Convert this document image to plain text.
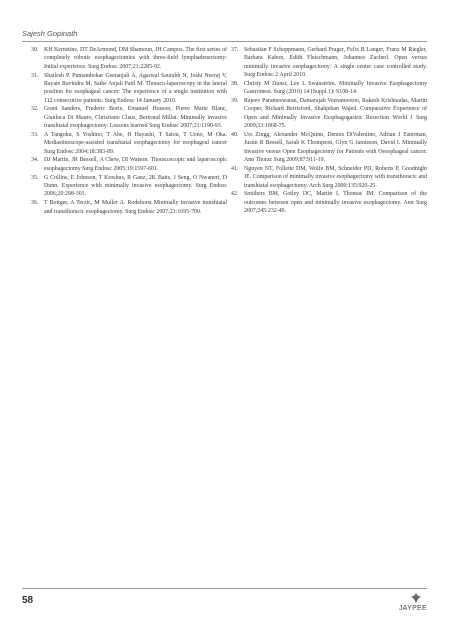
Sajesh Gopinath
30. KH Kernstine, DT DeArmond, DM Shamoun, JH Campos. The first series of completely robotic esophagectomies with three-field lymphadenectomy: Initial experience. Surg Endosc 2007;21:2285-92.
31. Shailesh P. Puntambekar Geetanjali A, Agarwal Saurabh N, Joshi Neeraj V, Rayate Ravindra M, Sathe Anjali Patil M. Thoraco-laparoscopy in the lateral position for esophageal cancer: The experience of a single institution with 112 consecutive patients. Surg Endosc 14 January 2010.
32. Grant Sanders, Frederic Borie, Emanuel Husson, Pierre Marie Blanc, Gianluca Di Mauro, Christiano Claus, Bertrand Millat. Minimally invasive transhiatal esophagectomy: Lessons learned Surg Endosc 2007;21:1190-93.
33. A Tangoku, S Yoshino, T Abe, H Hayashi, T Satou, T Ueno, M Oka. Mediastinoscope-assisted transhiatal esophagectomy for esophageal cancer Surg Endosc 2004;18:383-89.
34. DJ Martin, JR Bessell, A Chew, DI Watson. Thoracoscopic and laparoscopic esophagectomy Surg Endosc 2005;19:1597-601.
35. G Collins, E Johnson, T Kroshus, R Ganz, 2K Batts, J Seng, O Nwaneri, D Dunn. Experience with minimally invasive esophagectomy. Surg Endosc 2006;20:298-301.
36. T Bottger, A Terzic, M Muller A. Rodehorst Minimally invasive transhiatal and transthoracic esophagectomy. Surg Endosc 2007;21:1695-700.
37. Sebastian F Schoppmann, Gerhard Prager, Felix B Langer, Franz M Riegler, Barbara Kabon, Edith Fleischmann, Johannes Zacherl. Open versus minimally invasive esophagectomy: A single center case controlled study. Surg Endosc 2 April 2010.
38. Christy M Dunst, Lee L Swanström. Minimally Invasive Esophagectomy Gastroinest. Surg (2010) 14 (Suppl 1): S108-14.
39. Rajeev Parameswaran, Damarajah Veeramootoo, Rakesh Krishnadas, Martin Cooper, Richard Berrisford, Shahjehan Wajed. Comparative Experience of Open and Minimally Invasive Esophagogastric Resection World J Surg 2009;33:1868-75.
40. Urs Zingg, Alexander McQuinn, Dennis DiValentino, Adrian J Esterman, Justin R Bessell, Sarah K Thompson, Glyn G Jamieson, David I. Minimally Invasive versus Open Esophagectomy for Patients with Oesophageal cancer. Ann Thorac Surg 2009;87:911-19.
41. Nguyen NT, Follette DM, Wolfe BM, Schneider PD, Roberts P, Goodnight JE. Comparison of minimally invasive esophagectomy with transthoracic and transhiatal esophagectomy. Arch Surg 2000;135:920-25.
42. Smithers BM, Gotley DC, Martin I, Thomas JM. Comparison of the outcomes between open and minimally invasive esophagectomy. Ann Surg 2007;245:232-40.
58
JAYPEE
